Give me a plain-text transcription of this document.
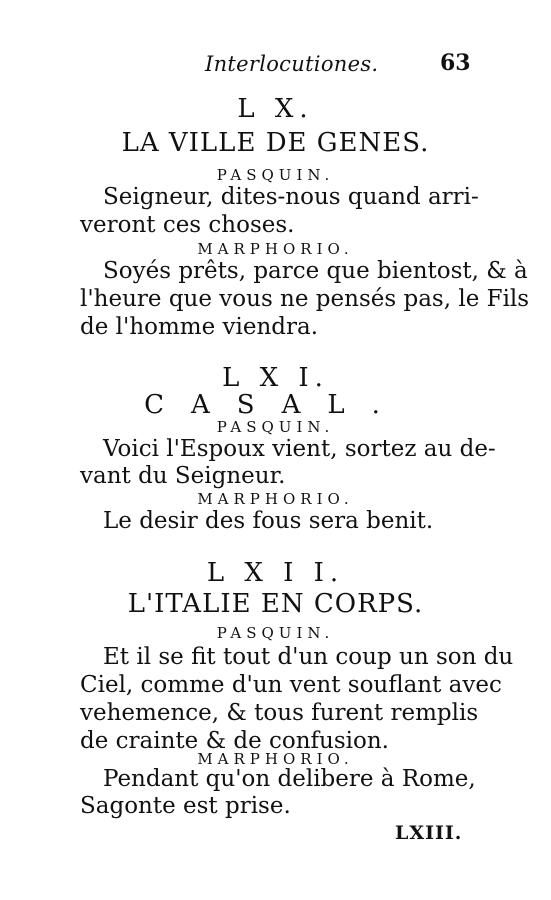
Interlocutiones.	63
L X.
LA VILLE DE GENES.
PASQUIN.
Seigneur, dites-nous quand arri-
veront ces choses.
MARPHORIO.
Soyés prêts, parce que bientost, & à
l'heure que vous ne pensés pas, le Fils
de l'homme viendra.
L X I.
CASAL.
PASQUIN.
Voici l'Espoux vient, sortez au de-
vant du Seigneur.
MARPHORIO.
Le desir des fous sera benit.
L X I I.
L'ITALIE EN CORPS.
PASQUIN.
Et il se fit tout d'un coup un son du
Ciel, comme d'un vent souflant avec
vehemence, & tous furent remplis
de crainte & de confusion.
MARPHORIO.
Pendant qu'on delibere à Rome,
Sagonte est prise.
LXIII.
